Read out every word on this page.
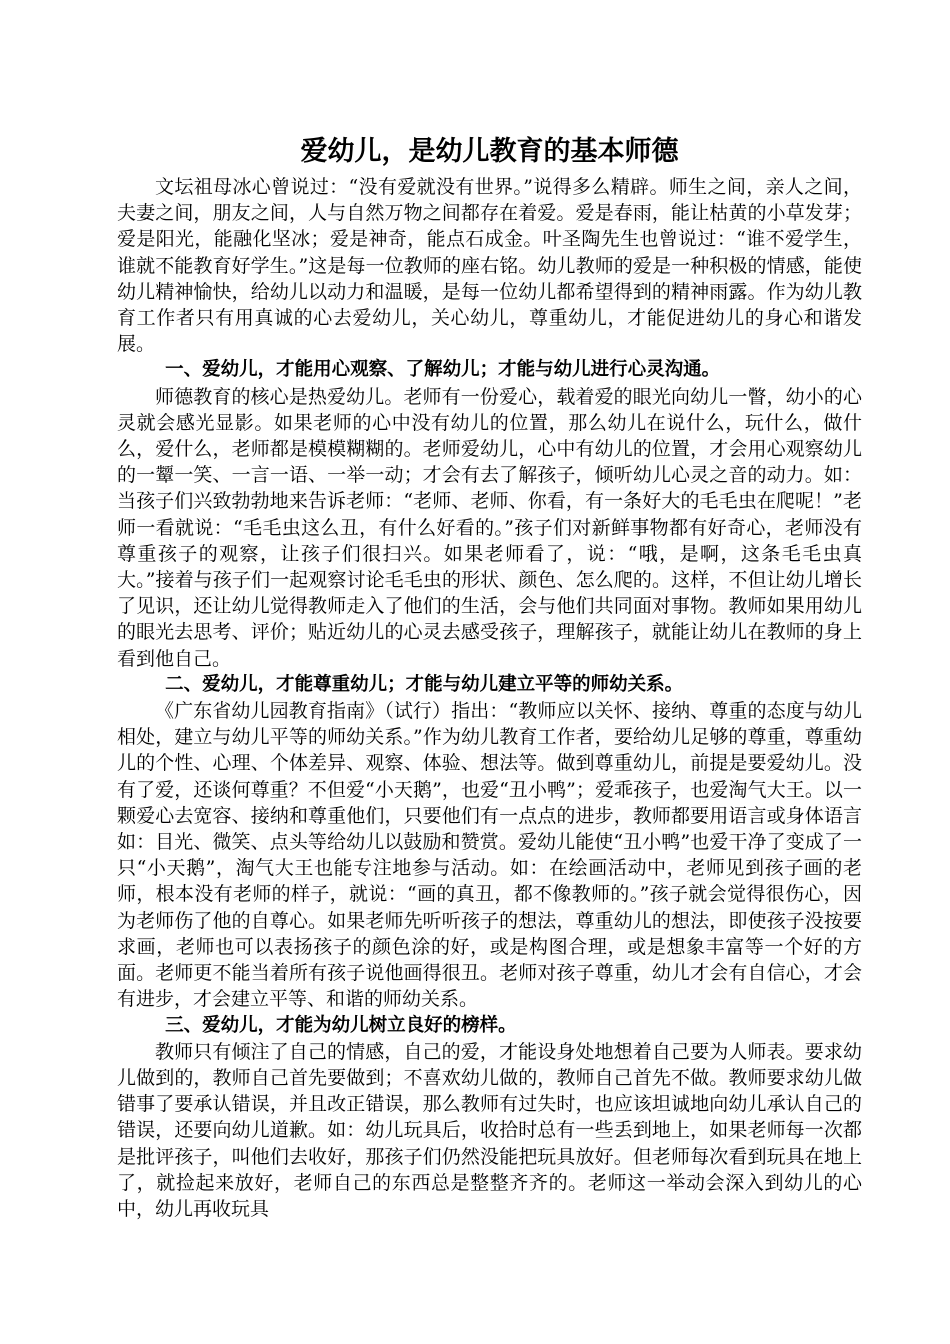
爱幼儿，是幼儿教育的基本师德

文坛祖母冰心曾说过：“没有爱就没有世界。”说得多么精辟。师生之间，亲人之间，夫妻之间，朋友之间，人与自然万物之间都存在着爱。爱是春雨，能让枯黄的小草发芽；爱是阳光，能融化坚冰；爱是神奇，能点石成金。叶圣陶先生也曾说过：“谁不爱学生，谁就不能教育好学生。”这是每一位教师的座右铭。幼儿教师的爱是一种积极的情感，能使幼儿精神愉快，给幼儿以动力和温暖，是每一位幼儿都希望得到的精神雨露。作为幼儿教育工作者只有用真诚的心去爱幼儿，关心幼儿，尊重幼儿，才能促进幼儿的身心和谐发展。

一、爱幼儿，才能用心观察、了解幼儿；才能与幼儿进行心灵沟通。

师德教育的核心是热爱幼儿。老师有一份爱心，载着爱的眼光向幼儿一瞥，幼小的心灵就会感光显影。如果老师的心中没有幼儿的位置，那么幼儿在说什么，玩什么，做什么，爱什么，老师都是模模糊糊的。老师爱幼儿，心中有幼儿的位置，才会用心观察幼儿的一颦一笑、一言一语、一举一动；才会有去了解孩子，倾听幼儿心灵之音的动力。如：当孩子们兴致勃勃地来告诉老师：“老师、老师、你看，有一条好大的毛毛虫在爬呢！”老师一看就说：“毛毛虫这么丑，有什么好看的。”孩子们对新鲜事物都有好奇心，老师没有尊重孩子的观察，让孩子们很扫兴。如果老师看了，说：“哦，是啊，这条毛毛虫真大。”接着与孩子们一起观察讨论毛毛虫的形状、颜色、怎么爬的。这样，不但让幼儿增长了见识，还让幼儿觉得教师走入了他们的生活，会与他们共同面对事物。教师如果用幼儿的眼光去思考、评价；贴近幼儿的心灵去感受孩子，理解孩子，就能让幼儿在教师的身上看到他自己。

二、爱幼儿，才能尊重幼儿；才能与幼儿建立平等的师幼关系。

《广东省幼儿园教育指南》（试行）指出：“教师应以关怀、接纳、尊重的态度与幼儿相处，建立与幼儿平等的师幼关系。”作为幼儿教育工作者，要给幼儿足够的尊重，尊重幼儿的个性、心理、个体差异、观察、体验、想法等。做到尊重幼儿，前提是要爱幼儿。没有了爱，还谈何尊重？不但爱“小天鹅”，也爱“丑小鸭”；爱乖孩子，也爱淘气大王。以一颗爱心去宽容、接纳和尊重他们，只要他们有一点点的进步，教师都要用语言或身体语言如：目光、微笑、点头等给幼儿以鼓励和赞赏。爱幼儿能使“丑小鸭”也爱干净了变成了一只“小天鹅”，淘气大王也能专注地参与活动。如：在绘画活动中，老师见到孩子画的老师，根本没有老师的样子，就说：“画的真丑，都不像教师的。”孩子就会觉得很伤心，因为老师伤了他的自尊心。如果老师先听听孩子的想法，尊重幼儿的想法，即使孩子没按要求画，老师也可以表扬孩子的颜色涂的好，或是构图合理，或是想象丰富等一个好的方面。老师更不能当着所有孩子说他画得很丑。老师对孩子尊重，幼儿才会有自信心，才会有进步，才会建立平等、和谐的师幼关系。

三、爱幼儿，才能为幼儿树立良好的榜样。

教师只有倾注了自己的情感，自己的爱，才能设身处地想着自己要为人师表。要求幼儿做到的，教师自己首先要做到；不喜欢幼儿做的，教师自己首先不做。教师要求幼儿做错事了要承认错误，并且改正错误，那么教师有过失时，也应该坦诚地向幼儿承认自己的错误，还要向幼儿道歉。如：幼儿玩具后，收拾时总有一些丢到地上，如果老师每一次都是批评孩子，叫他们去收好，那孩子们仍然没能把玩具放好。但老师每次看到玩具在地上了，就捡起来放好，老师自己的东西总是整整齐齐的。老师这一举动会深入到幼儿的心中，幼儿再收玩具
